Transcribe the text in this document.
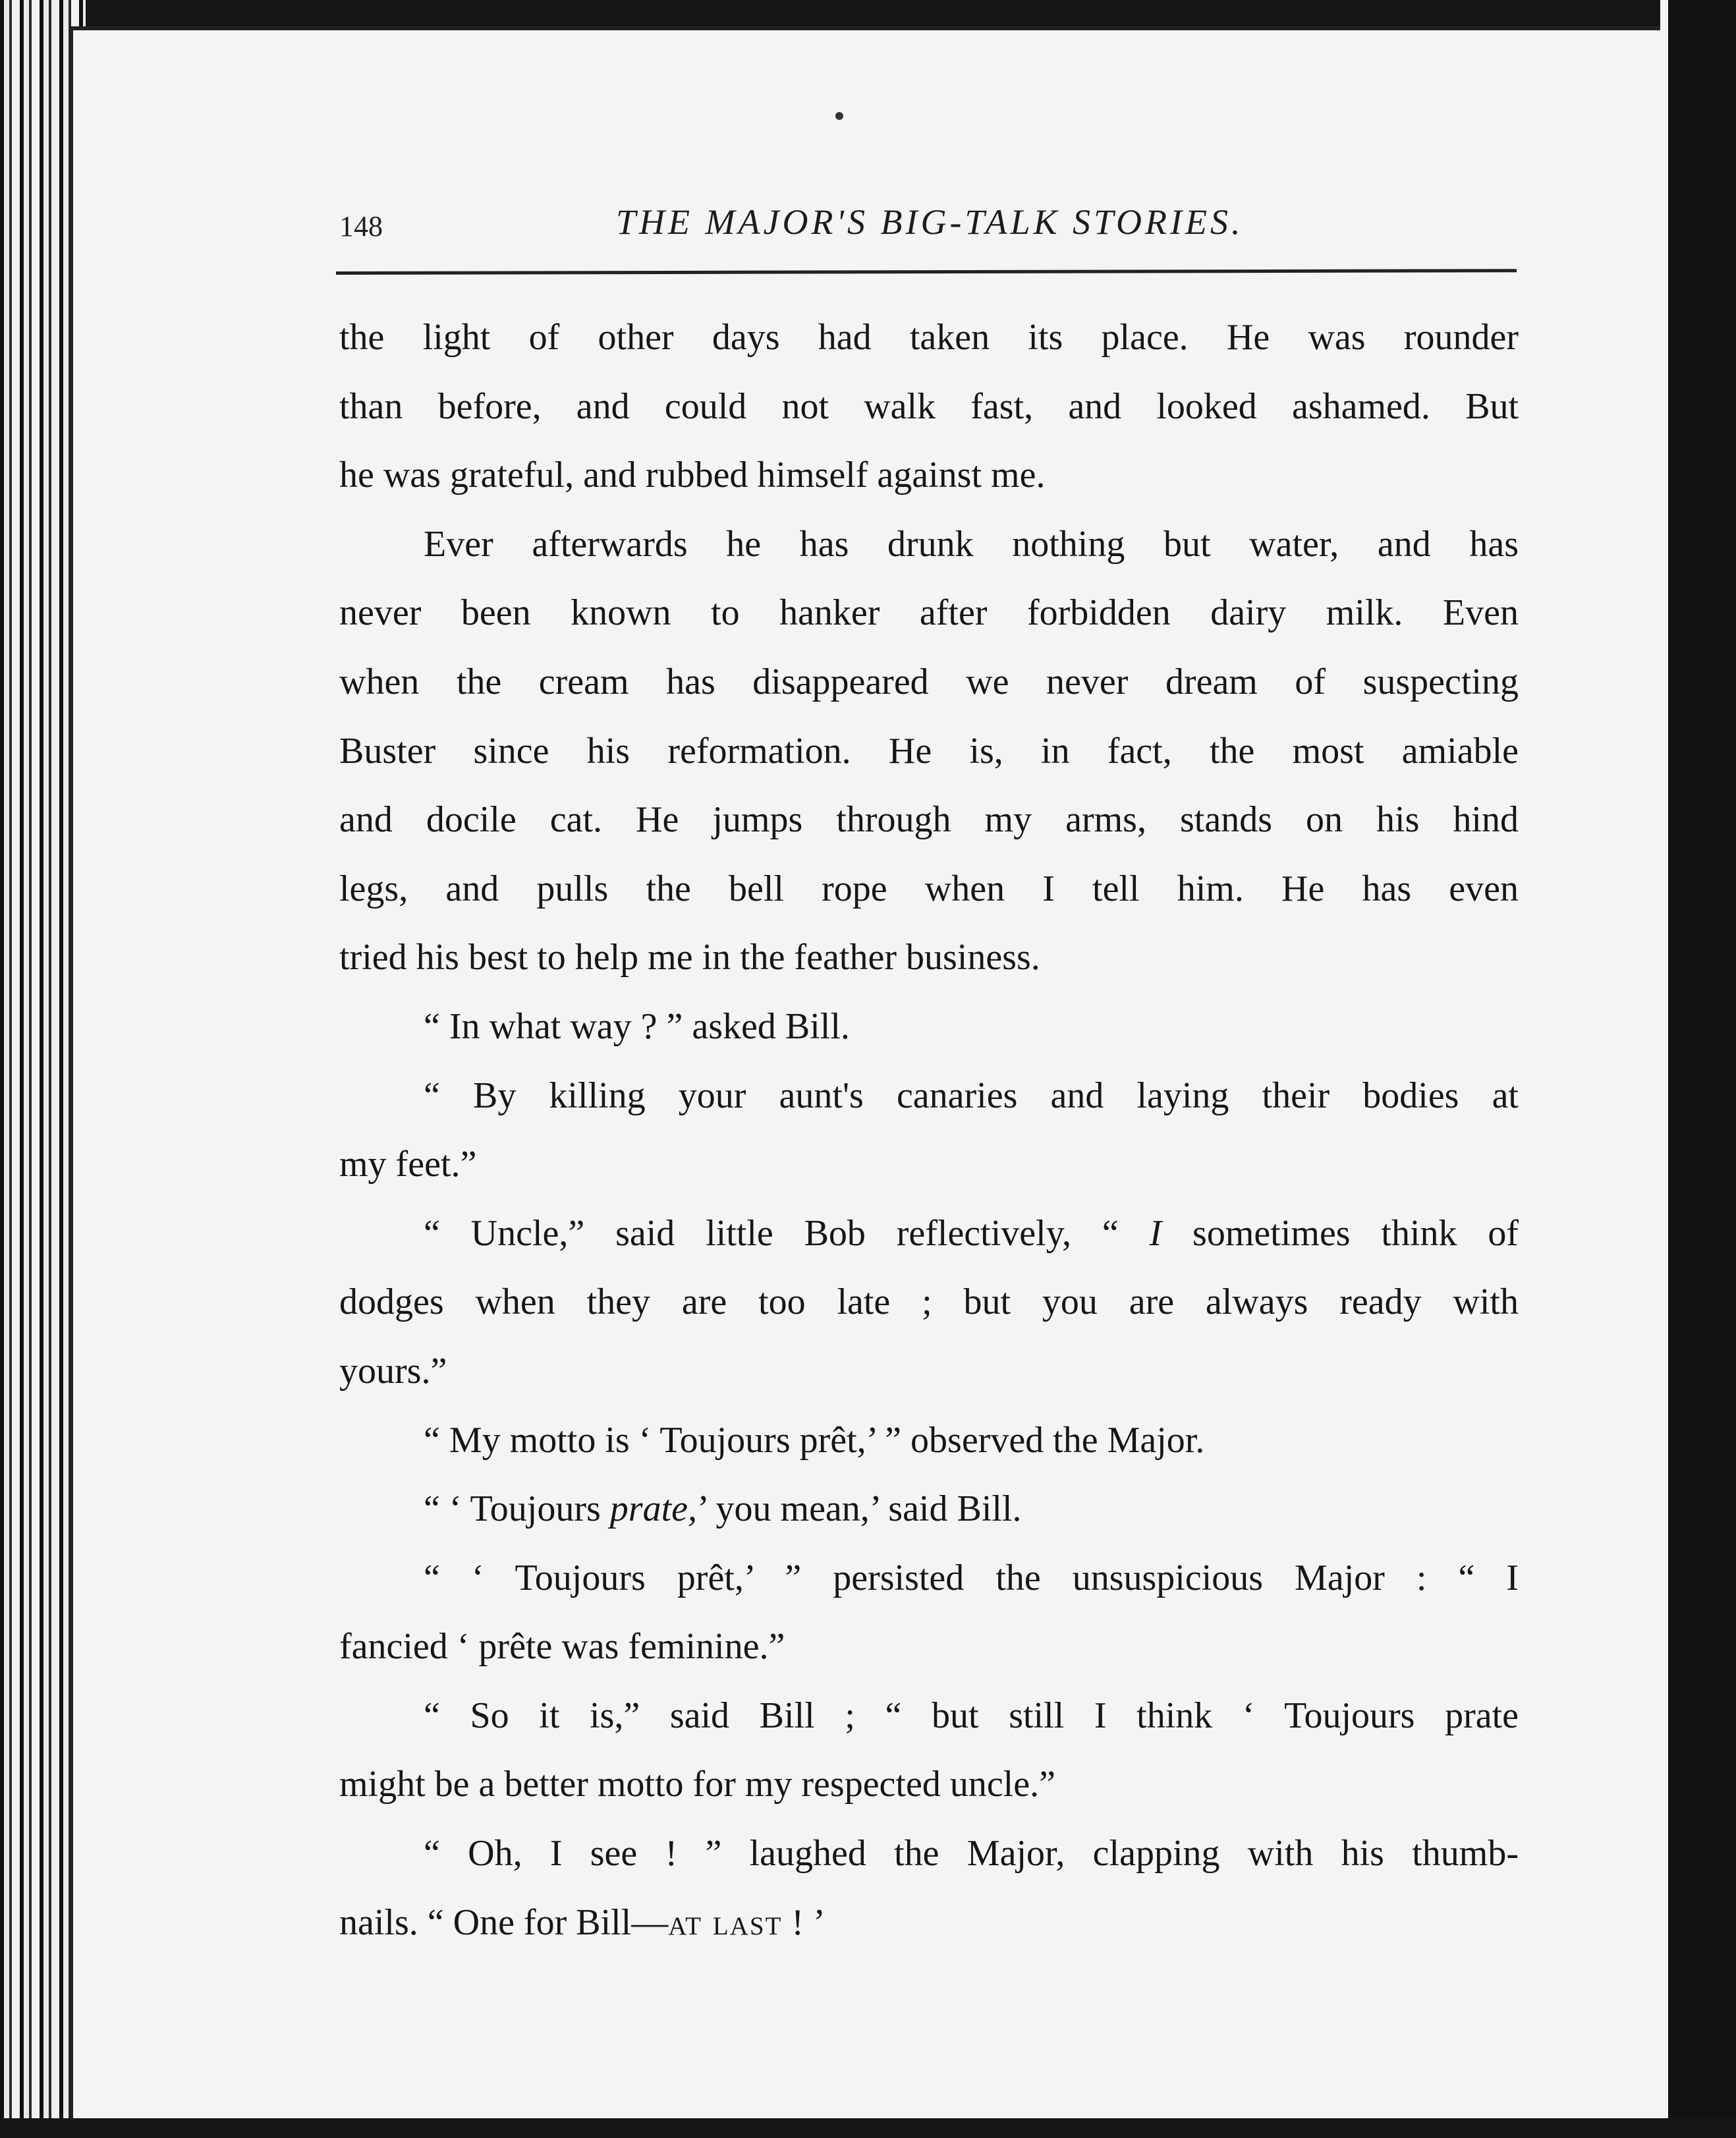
148	THE MAJOR'S BIG-TALK STORIES.
the light of other days had taken its place. He was rounder
than before, and could not walk fast, and looked ashamed. But
he was grateful, and rubbed himself against me.
Ever afterwards he has drunk nothing but water, and has
never been known to hanker after forbidden dairy milk. Even
when the cream has disappeared we never dream of suspecting
Buster since his reformation. He is, in fact, the most amiable
and docile cat. He jumps through my arms, stands on his hind
legs, and pulls the bell rope when I tell him. He has even
tried his best to help me in the feather business.
“ In what way ? ” asked Bill.
“ By killing your aunt's canaries and laying their bodies at
my feet.”
“ Uncle,” said little Bob reflectively, “ I sometimes think of
dodges when they are too late ; but you are always ready with
yours.”
“ My motto is ‘ Toujours prêt,’ ” observed the Major.
“ ‘ Toujours prate,’ you mean,’ said Bill.
“ ‘ Toujours prêt,’ ” persisted the unsuspicious Major : “ I
fancied ‘ prête was feminine.”
“ So it is,” said Bill ; “ but still I think ‘ Toujours prate
might be a better motto for my respected uncle.”
“ Oh, I see ! ” laughed the Major, clapping with his thumb-
nails. “ One for Bill—at last ! ’
